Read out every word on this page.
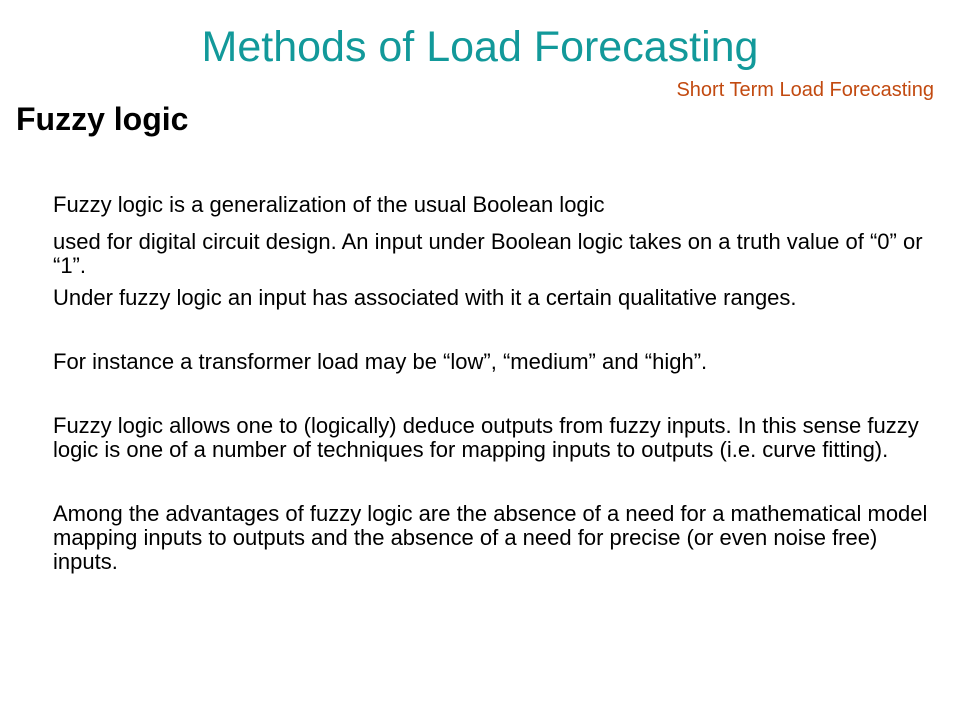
Methods of Load Forecasting

Short Term Load Forecasting

Fuzzy logic

Fuzzy logic is a generalization of the usual Boolean logic

used for digital circuit design. An input under Boolean logic takes on a truth value of “0” or “1”.

Under fuzzy logic an input has associated with it a certain qualitative ranges.

For instance a transformer load may be “low”, “medium” and “high”.

Fuzzy logic allows one to (logically) deduce outputs from fuzzy inputs. In this sense fuzzy logic is one of a number of techniques for mapping inputs to outputs (i.e. curve fitting).

Among the advantages of fuzzy logic are the absence of a need for a mathematical model mapping inputs to outputs and the absence of a need for precise (or even noise free) inputs.
